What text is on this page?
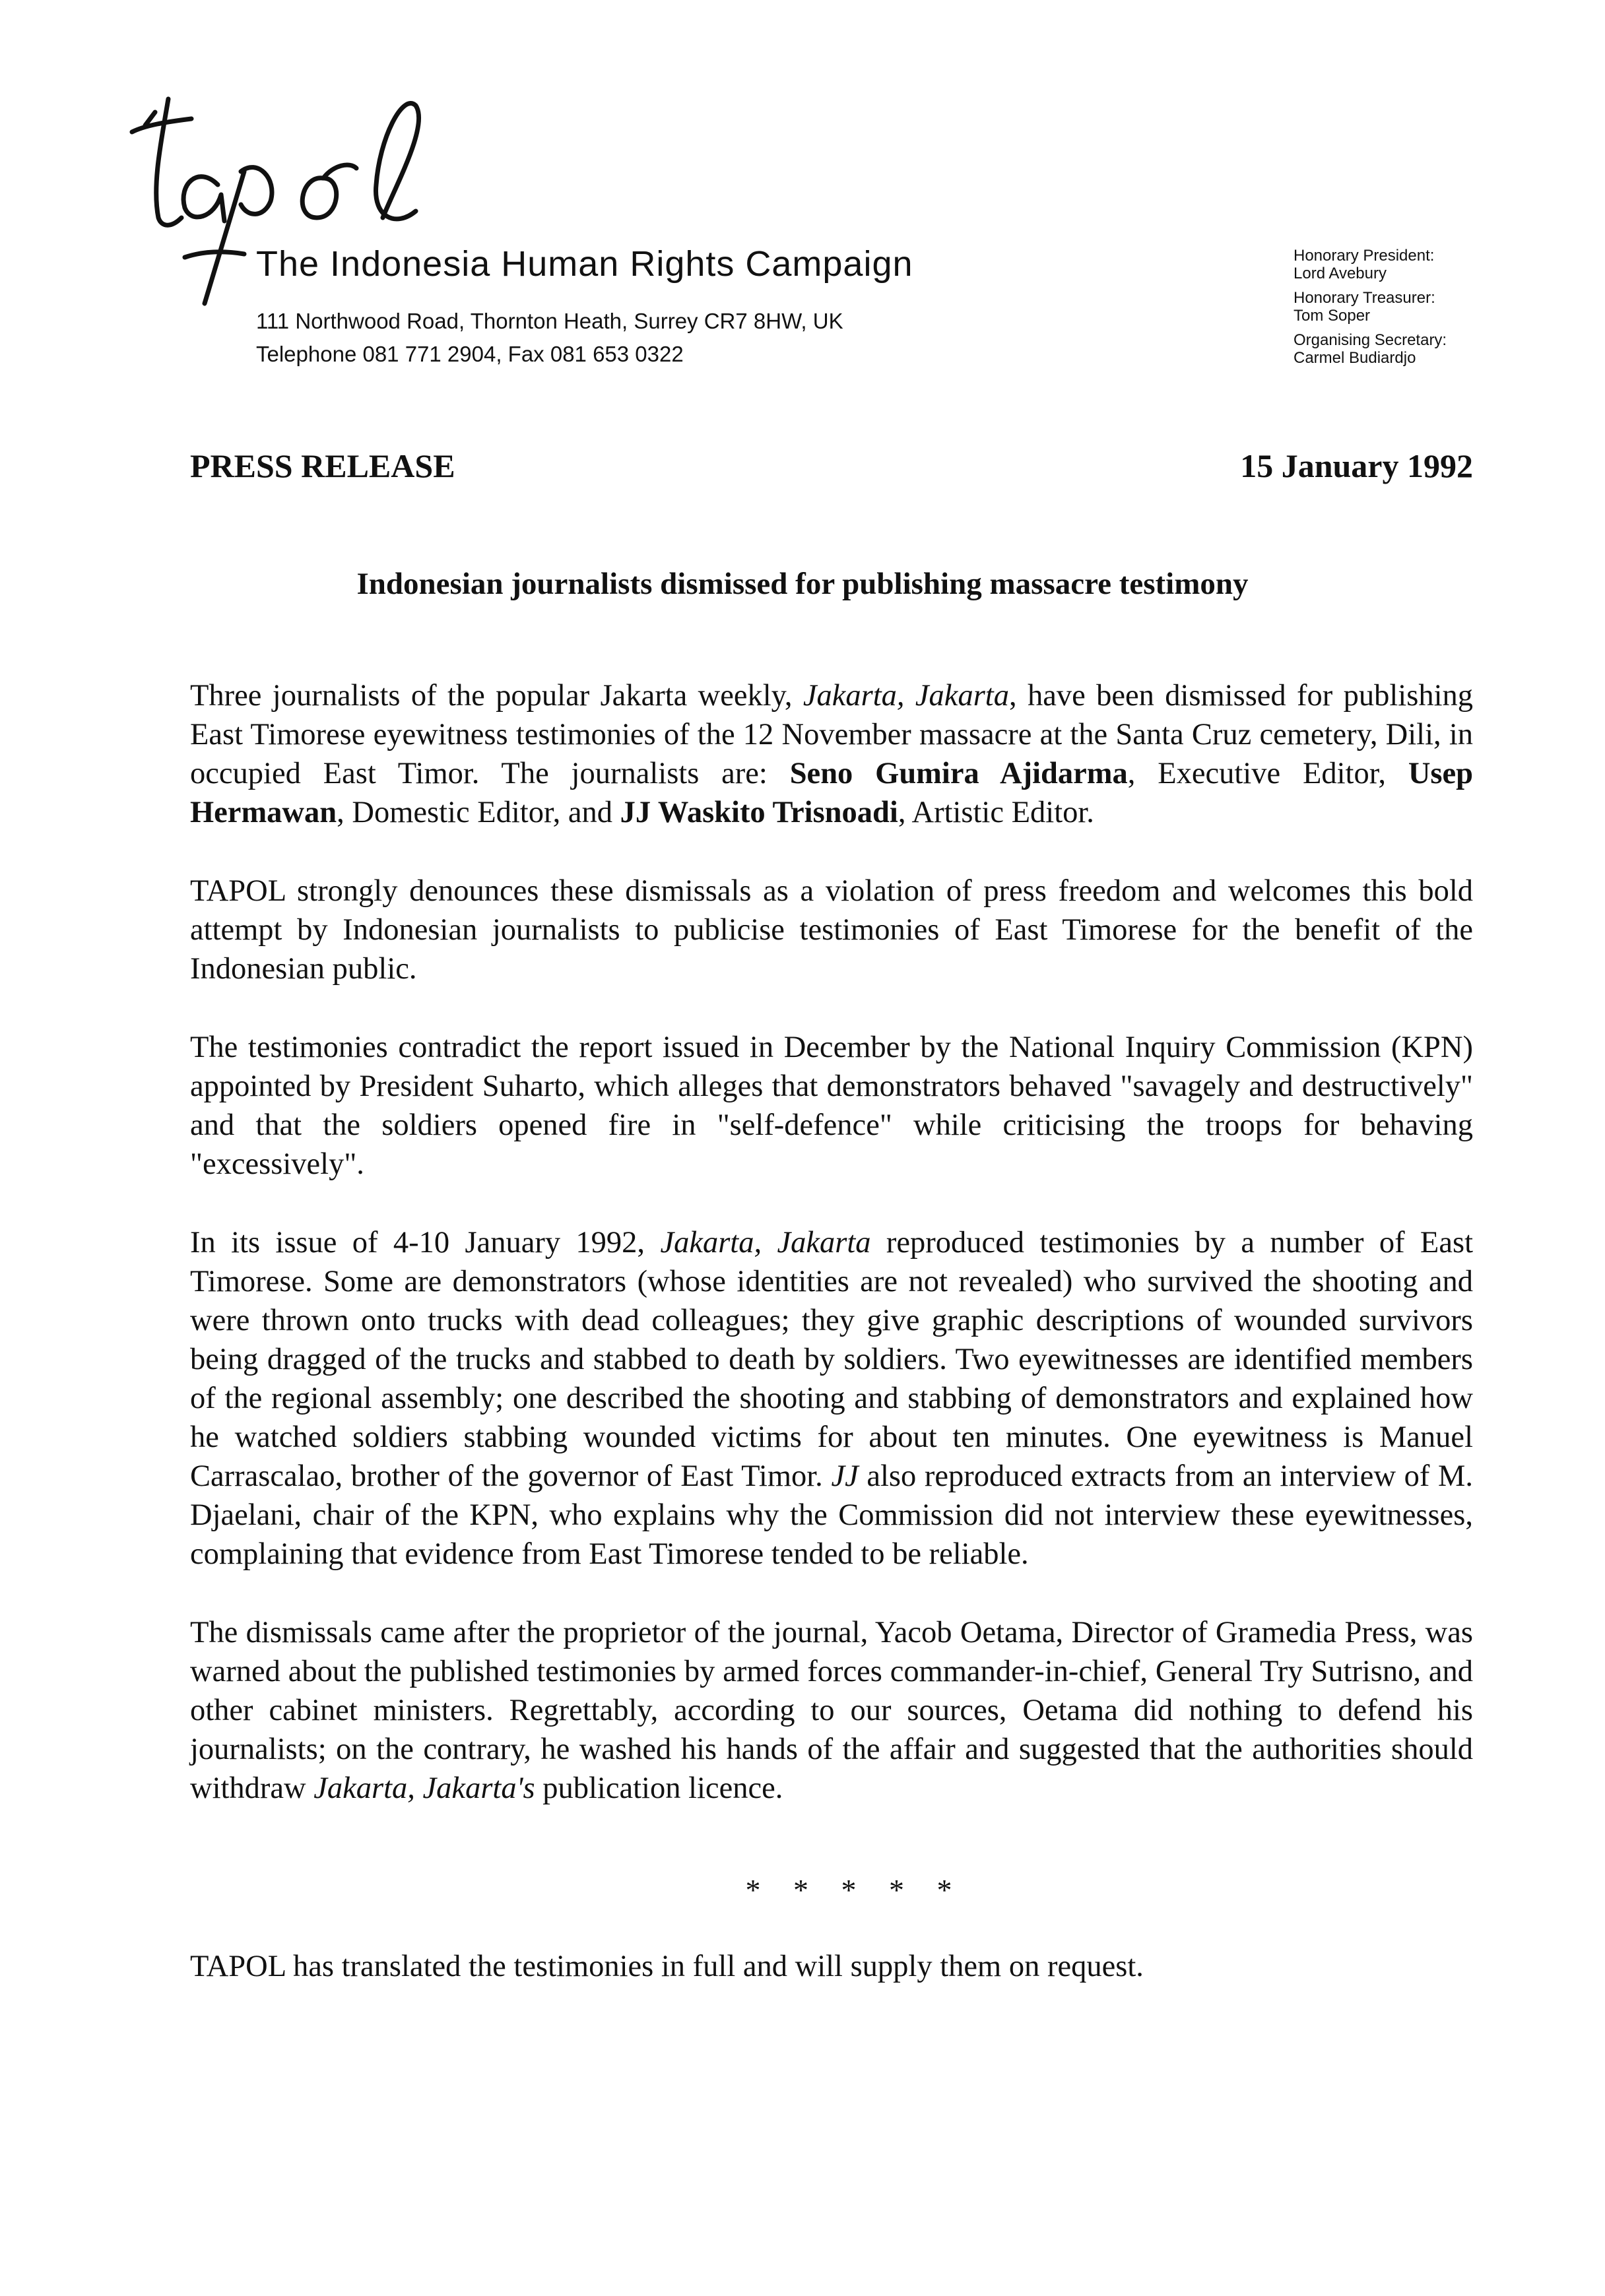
The Indonesia Human Rights Campaign
111 Northwood Road, Thornton Heath, Surrey CR7 8HW, UK
Telephone 081 771 2904, Fax 081 653 0322
Honorary President:
Lord Avebury
Honorary Treasurer:
Tom Soper
Organising Secretary:
Carmel Budiardjo
PRESS RELEASE	15 January 1992
Indonesian journalists dismissed for publishing massacre testimony

Three journalists of the popular Jakarta weekly, Jakarta, Jakarta, have been dismissed for publishing East Timorese eyewitness testimonies of the 12 November massacre at the Santa Cruz cemetery, Dili, in occupied East Timor. The journalists are: Seno Gumira Ajidarma, Executive Editor, Usep Hermawan, Domestic Editor, and JJ Waskito Trisnoadi, Artistic Editor.

TAPOL strongly denounces these dismissals as a violation of press freedom and welcomes this bold attempt by Indonesian journalists to publicise testimonies of East Timorese for the benefit of the Indonesian public.

The testimonies contradict the report issued in December by the National Inquiry Commission (KPN) appointed by President Suharto, which alleges that demonstrators behaved "savagely and destructively" and that the soldiers opened fire in "self-defence" while criticising the troops for behaving "excessively".

In its issue of 4-10 January 1992, Jakarta, Jakarta reproduced testimonies by a number of East Timorese. Some are demonstrators (whose identities are not revealed) who survived the shooting and were thrown onto trucks with dead colleagues; they give graphic descriptions of wounded survivors being dragged of the trucks and stabbed to death by soldiers. Two eyewitnesses are identified members of the regional assembly; one described the shooting and stabbing of demonstrators and explained how he watched soldiers stabbing wounded victims for about ten minutes. One eyewitness is Manuel Carrascalao, brother of the governor of East Timor. JJ also reproduced extracts from an interview of M. Djaelani, chair of the KPN, who explains why the Commission did not interview these eyewitnesses, complaining that evidence from East Timorese tended to be reliable.

The dismissals came after the proprietor of the journal, Yacob Oetama, Director of Gramedia Press, was warned about the published testimonies by armed forces commander-in-chief, General Try Sutrisno, and other cabinet ministers. Regrettably, according to our sources, Oetama did nothing to defend his journalists; on the contrary, he washed his hands of the affair and suggested that the authorities should withdraw Jakarta, Jakarta's publication licence.

* * * * *
TAPOL has translated the testimonies in full and will supply them on request.
